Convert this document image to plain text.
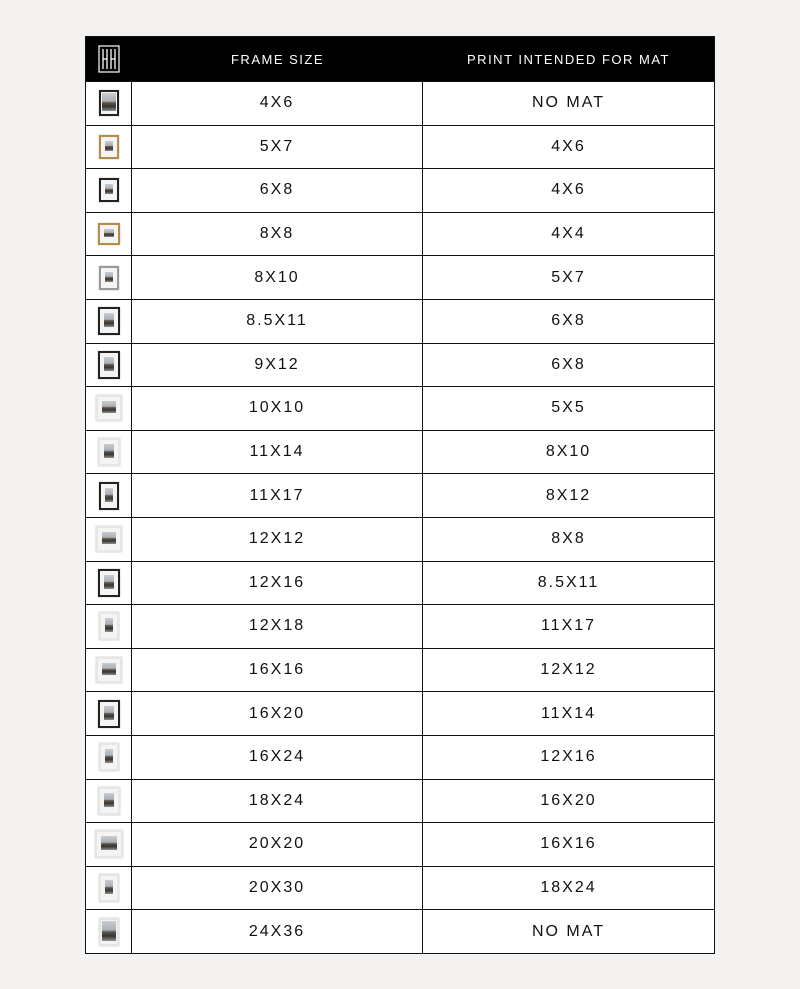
FRAME SIZE	PRINT INTENDED FOR MAT
4X6	NO MAT
5X7	4X6
6X8	4X6
8X8	4X4
8X10	5X7
8.5X11	6X8
9X12	6X8
10X10	5X5
11X14	8X10
11X17	8X12
12X12	8X8
12X16	8.5X11
12X18	11X17
16X16	12X12
16X20	11X14
16X24	12X16
18X24	16X20
20X20	16X16
20X30	18X24
24X36	NO MAT
